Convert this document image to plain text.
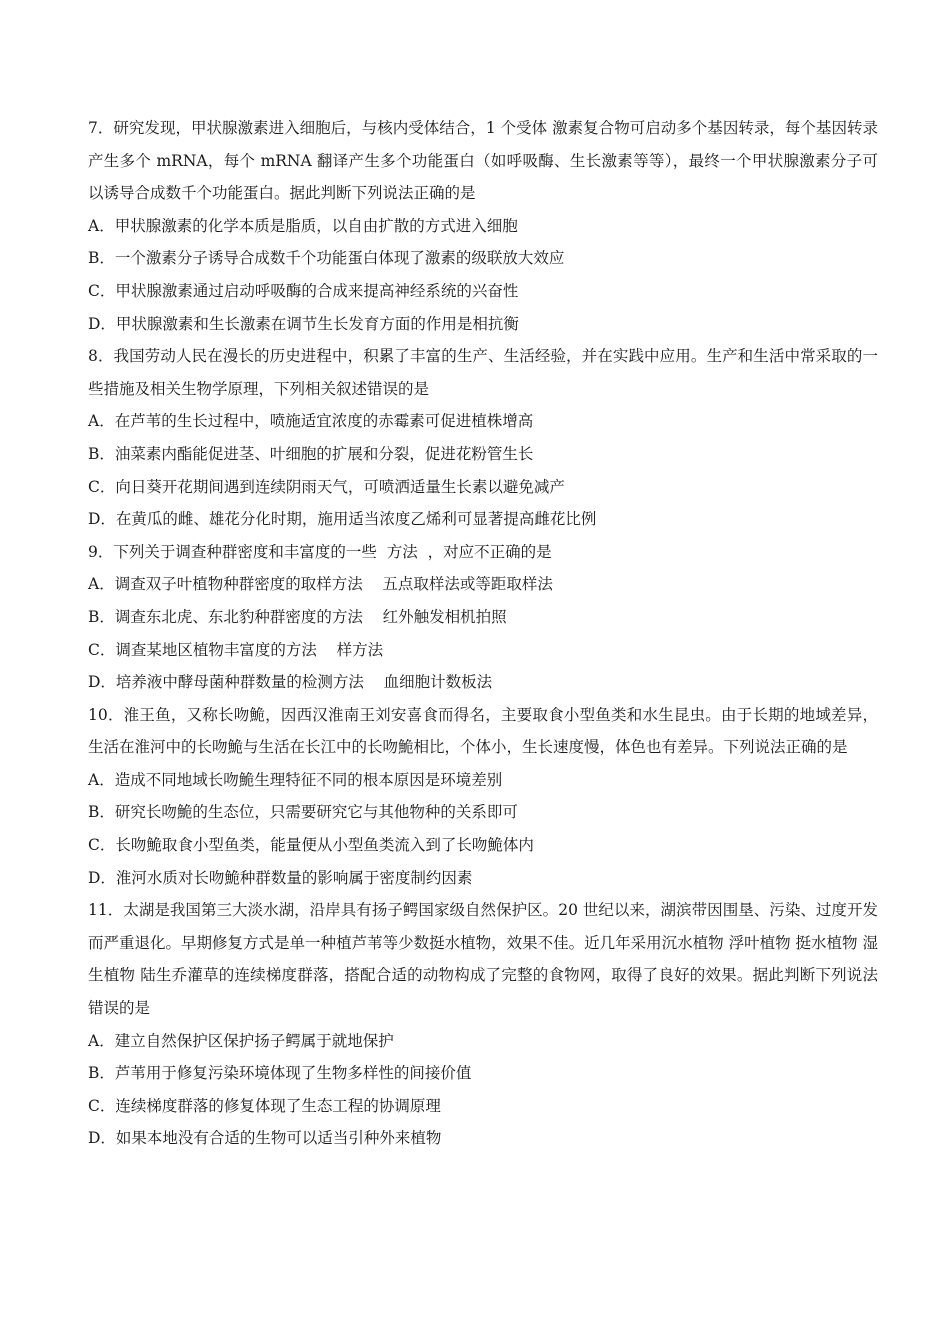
7．研究发现，甲状腺激素进入细胞后，与核内受体结合，1 个受体 激素复合物可启动多个基因转录，每个基因转录产生多个 mRNA，每个 mRNA 翻译产生多个功能蛋白（如呼吸酶、生长激素等等），最终一个甲状腺激素分子可以诱导合成数千个功能蛋白。据此判断下列说法正确的是

A．甲状腺激素的化学本质是脂质，以自由扩散的方式进入细胞

B．一个激素分子诱导合成数千个功能蛋白体现了激素的级联放大效应

C．甲状腺激素通过启动呼吸酶的合成来提高神经系统的兴奋性

D．甲状腺激素和生长激素在调节生长发育方面的作用是相抗衡

8．我国劳动人民在漫长的历史进程中，积累了丰富的生产、生活经验，并在实践中应用。生产和生活中常采取的一些措施及相关生物学原理，下列相关叙述错误的是

A．在芦苇的生长过程中，喷施适宜浓度的赤霉素可促进植株增高

B．油菜素内酯能促进茎、叶细胞的扩展和分裂，促进花粉管生长

C．向日葵开花期间遇到连续阴雨天气，可喷洒适量生长素以避免减产

D．在黄瓜的雌、雄花分化时期，施用适当浓度乙烯利可显著提高雌花比例

9．下列关于调查种群密度和丰富度的一些  方法  ，对应不正确的是

A．调查双子叶植物种群密度的取样方法    五点取样法或等距取样法

B．调查东北虎、东北豹种群密度的方法    红外触发相机拍照

C．调查某地区植物丰富度的方法    样方法

D．培养液中酵母菌种群数量的检测方法    血细胞计数板法

10．淮王鱼，又称长吻鮠，因西汉淮南王刘安喜食而得名，主要取食小型鱼类和水生昆虫。由于长期的地域差异，生活在淮河中的长吻鮠与生活在长江中的长吻鮠相比，个体小，生长速度慢，体色也有差异。下列说法正确的是

A．造成不同地域长吻鮠生理特征不同的根本原因是环境差别

B．研究长吻鮠的生态位，只需要研究它与其他物种的关系即可

C．长吻鮠取食小型鱼类，能量便从小型鱼类流入到了长吻鮠体内

D．淮河水质对长吻鮠种群数量的影响属于密度制约因素

11．太湖是我国第三大淡水湖，沿岸具有扬子鳄国家级自然保护区。20 世纪以来，湖滨带因围垦、污染、过度开发而严重退化。早期修复方式是单一种植芦苇等少数挺水植物，效果不佳。近几年采用沉水植物 浮叶植物 挺水植物 湿生植物 陆生乔灌草的连续梯度群落，搭配合适的动物构成了完整的食物网，取得了良好的效果。据此判断下列说法错误的是

A．建立自然保护区保护扬子鳄属于就地保护

B．芦苇用于修复污染环境体现了生物多样性的间接价值

C．连续梯度群落的修复体现了生态工程的协调原理

D．如果本地没有合适的生物可以适当引种外来植物
